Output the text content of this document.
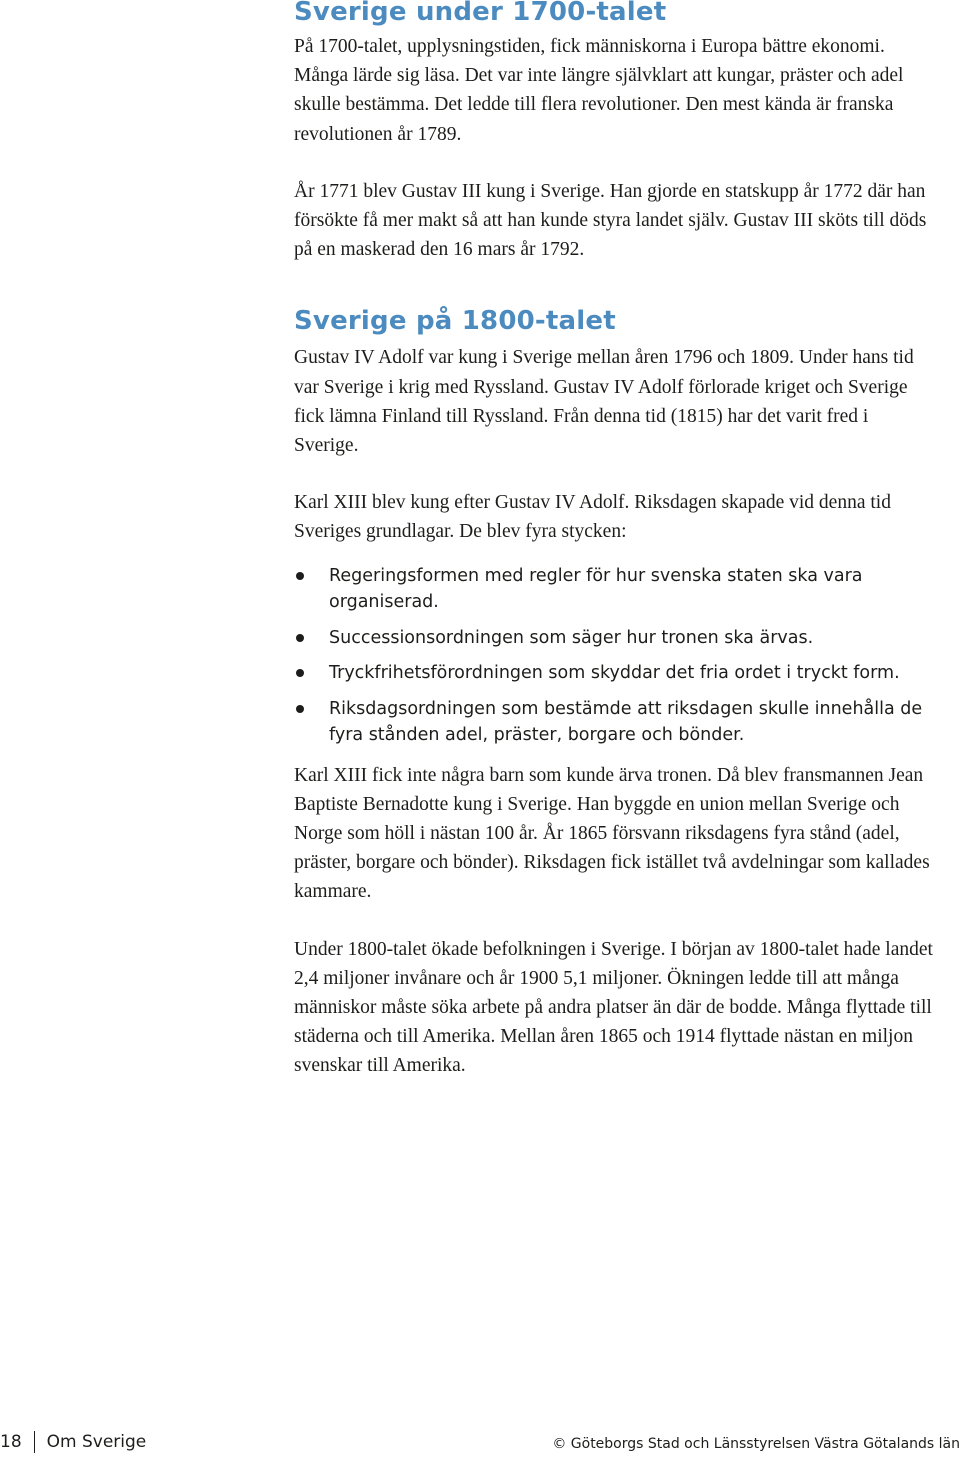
Sverige under 1700-talet

På 1700-talet, upplysningstiden, fick människorna i Europa bättre ekonomi. Många lärde sig läsa. Det var inte längre självklart att kungar, präster och adel skulle bestämma. Det ledde till flera revolutioner. Den mest kända är franska revolutionen år 1789.

År 1771 blev Gustav III kung i Sverige. Han gjorde en statskupp år 1772 där han försökte få mer makt så att han kunde styra landet själv. Gustav III sköts till döds på en maskerad den 16 mars år 1792.

Sverige på 1800-talet

Gustav IV Adolf var kung i Sverige mellan åren 1796 och 1809. Under hans tid var Sverige i krig med Ryssland. Gustav IV Adolf förlorade kriget och Sverige fick lämna Finland till Ryssland. Från denna tid (1815) har det varit fred i Sverige.

Karl XIII blev kung efter Gustav IV Adolf. Riksdagen skapade vid denna tid Sveriges grundlagar. De blev fyra stycken:

Regeringsformen med regler för hur svenska staten ska vara organiserad.
Successionsordningen som säger hur tronen ska ärvas.
Tryckfrihetsförordningen som skyddar det fria ordet i tryckt form.
Riksdagsordningen som bestämde att riksdagen skulle innehålla de fyra stånden adel, präster, borgare och bönder.

Karl XIII fick inte några barn som kunde ärva tronen. Då blev fransmannen Jean Baptiste Bernadotte kung i Sverige. Han byggde en union mellan Sverige och Norge som höll i nästan 100 år. År 1865 försvann riksdagens fyra stånd (adel, präster, borgare och bönder). Riksdagen fick istället två avdelningar som kallades kammare.

Under 1800-talet ökade befolkningen i Sverige. I början av 1800-talet hade landet 2,4 miljoner invånare och år 1900 5,1 miljoner. Ökningen ledde till att många människor måste söka arbete på andra platser än där de bodde. Många flyttade till städerna och till Amerika. Mellan åren 1865 och 1914 flyttade nästan en miljon svenskar till Amerika.

18 Om Sverige	© Göteborgs Stad och Länsstyrelsen Västra Götalands län
